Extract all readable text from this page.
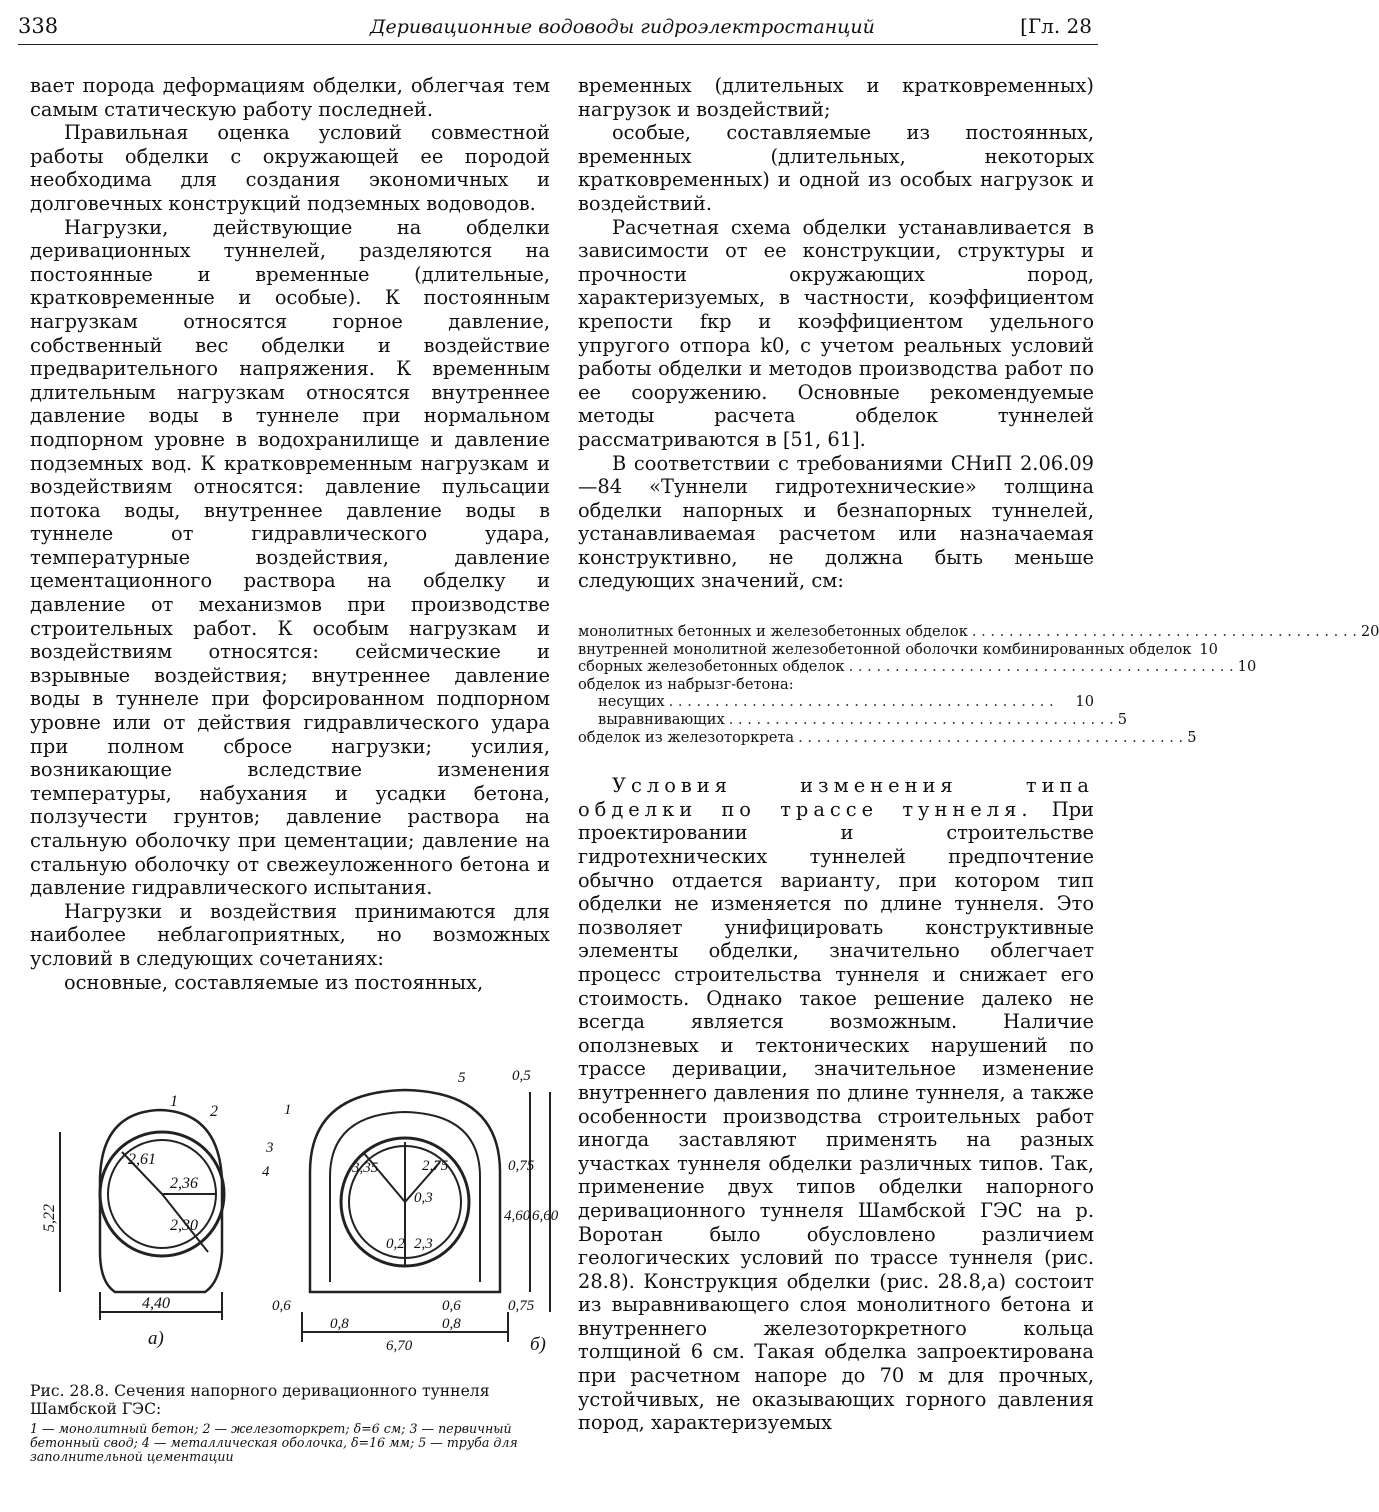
338	Деривационные водоводы гидроэлектростанций	[Гл. 28

вает порода деформациям обделки, облегчая тем самым статическую работу последней.

Правильная оценка условий совместной работы обделки с окружающей ее породой необходима для создания экономичных и долговечных конструкций подземных водоводов.

Нагрузки, действующие на обделки деривационных туннелей, разделяются на постоянные и временные (длительные, кратковременные и особые). К постоянным нагрузкам относятся горное давление, собственный вес обделки и воздействие предварительного напряжения. К временным длительным нагрузкам относятся внутреннее давление воды в туннеле при нормальном подпорном уровне в водохранилище и давление подземных вод. К кратковременным нагрузкам и воздействиям относятся: давление пульсации потока воды, внутреннее давление воды в туннеле от гидравлического удара, температурные воздействия, давление цементационного раствора на обделку и давление от механизмов при производстве строительных работ. К особым нагрузкам и воздействиям относятся: сейсмические и взрывные воздействия; внутреннее давление воды в туннеле при форсированном подпорном уровне или от действия гидравлического удара при полном сбросе нагрузки; усилия, возникающие вследствие изменения температуры, набухания и усадки бетона, ползучести грунтов; давление раствора на стальную оболочку при цементации; давление на стальную оболочку от свежеуложенного бетона и давление гидравлического испытания.

Нагрузки и воздействия принимаются для наиболее неблагоприятных, но возможных условий в следующих сочетаниях:

основные, составляемые из постоянных,

5,22
2,61
2,36
2,30
4,40
1
2
а)
1
3
4
5
3,35	2,75
0,3
0,2 2,3
0,5
0,75
4,60 6,60
0,6	0,6	0,75
0,8	0,8
6,70	б)
Рис. 28.8. Сечения напорного деривационного туннеля Шамбской ГЭС:
1 — монолитный бетон; 2 — железоторкрет; δ=6 см; 3 — первичный бетонный свод; 4 — металлическая оболочка, δ=16 мм; 5 — труба для заполнительной цементации

временных (длительных и кратковременных) нагрузок и воздействий;

особые, составляемые из постоянных, временных (длительных, некоторых кратковременных) и одной из особых нагрузок и воздействий.

Расчетная схема обделки устанавливается в зависимости от ее конструкции, структуры и прочности окружающих пород, характеризуемых, в частности, коэффициентом крепости fкр и коэффициентом удельного упругого отпора k0, с учетом реальных условий работы обделки и методов производства работ по ее сооружению. Основные рекомендуемые методы расчета обделок туннелей рассматриваются в [51, 61].

В соответствии с требованиями СНиП 2.06.09—84 «Туннели гидротехнические» толщина обделки напорных и безнапорных туннелей, устанавливаемая расчетом или назначаемая конструктивно, не должна быть меньше следующих значений, см:

монолитных бетонных и железобетонных обделок . . .	20
внутренней монолитной железобетонной оболочки комбинированных обделок 10
сборных железобетонных обделок . . .	10
обделок из набрызг-бетона:
несущих . . .	10
выравнивающих . . .	5
обделок из железоторкрета . . .	5

Условия изменения типа обделки по трассе туннеля. При проектировании и строительстве гидротехнических туннелей предпочтение обычно отдается варианту, при котором тип обделки не изменяется по длине туннеля. Это позволяет унифицировать конструктивные элементы обделки, значительно облегчает процесс строительства туннеля и снижает его стоимость. Однако такое решение далеко не всегда является возможным. Наличие оползневых и тектонических нарушений по трассе деривации, значительное изменение внутреннего давления по длине туннеля, а также особенности производства строительных работ иногда заставляют применять на разных участках туннеля обделки различных типов. Так, применение двух типов обделки напорного деривационного туннеля Шамбской ГЭС на р. Воротан было обусловлено различием геологических условий по трассе туннеля (рис. 28.8). Конструкция обделки (рис. 28.8,а) состоит из выравнивающего слоя монолитного бетона и внутреннего железоторкретного кольца толщиной 6 см. Такая обделка запроектирована при расчетном напоре до 70 м для прочных, устойчивых, не оказывающих горного давления пород, характеризуемых
